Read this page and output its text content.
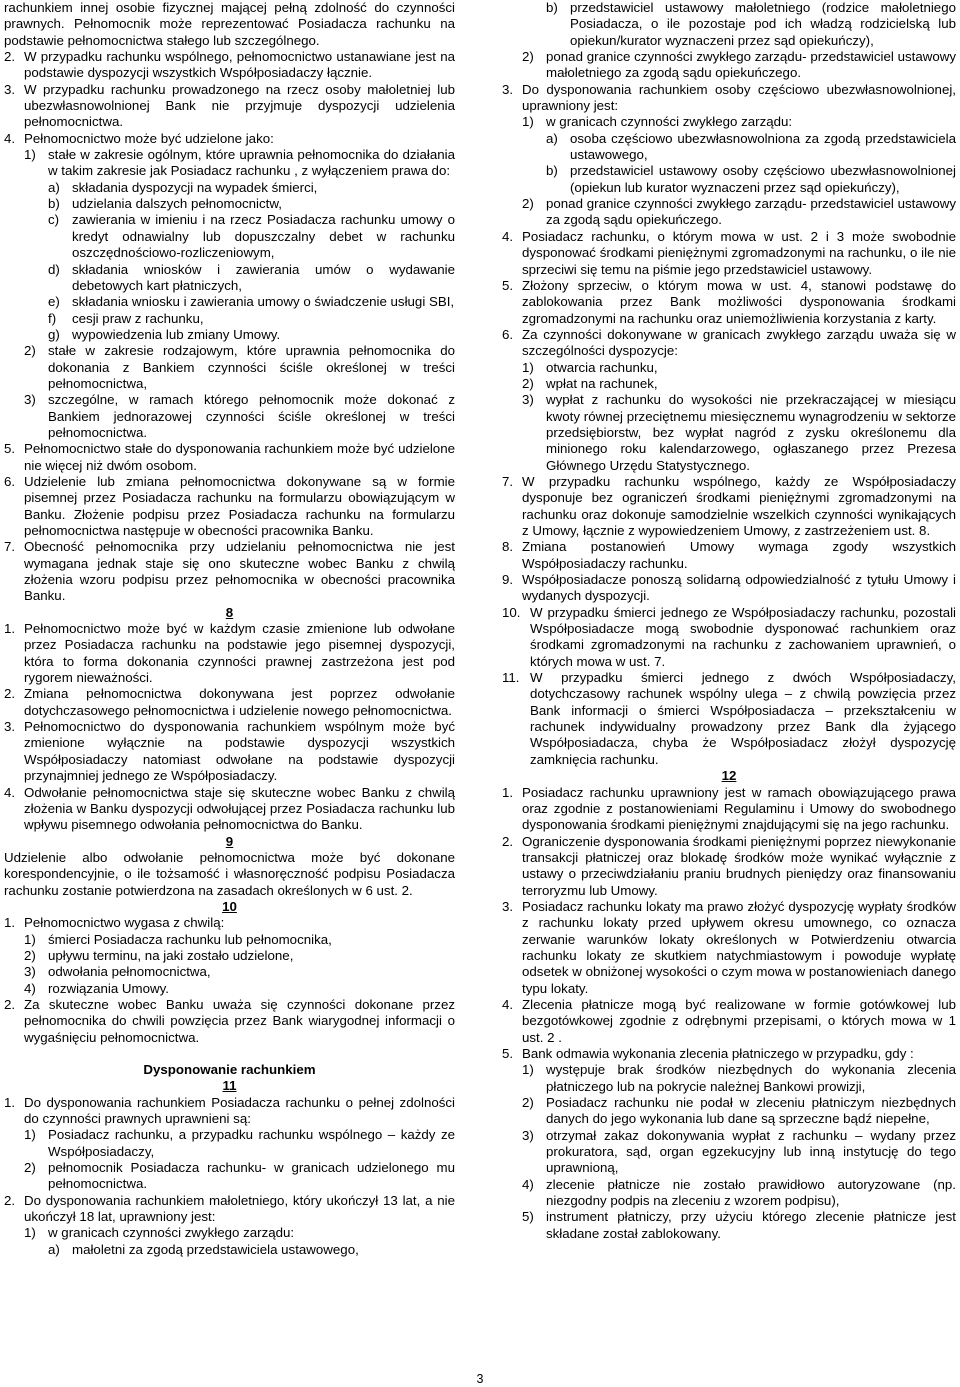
rachunkiem innej osobie fizycznej mającej pełną zdolność do czynności prawnych. Pełnomocnik może reprezentować Posiadacza rachunku na podstawie pełnomocnictwa stałego lub szczególnego.

2. W przypadku rachunku wspólnego, pełnomocnictwo ustanawiane jest na podstawie dyspozycji wszystkich Współposiadaczy łącznie.
3. W przypadku rachunku prowadzonego na rzecz osoby małoletniej lub ubezwłasnowolnionej Bank nie przyjmuje dyspozycji udzielenia pełnomocnictwa.
4. Pełnomocnictwo może być udzielone jako:
1) stałe w zakresie ogólnym, które uprawnia pełnomocnika do działania w takim zakresie jak Posiadacz rachunku , z wyłączeniem prawa do:
a) składania dyspozycji na wypadek śmierci,
b) udzielania dalszych pełnomocnictw,
c) zawierania w imieniu i na rzecz Posiadacza rachunku umowy o kredyt odnawialny lub dopuszczalny debet w rachunku oszczędnościowo-rozliczeniowym,
d) składania wniosków i zawierania umów o wydawanie debetowych kart płatniczych,
e) składania wniosku i zawierania umowy o świadczenie usługi SBI,
f)	cesji praw z rachunku,
g) wypowiedzenia lub zmiany Umowy.
2) stałe w zakresie rodzajowym, które uprawnia pełnomocnika do dokonania z Bankiem czynności ściśle określonej w treści pełnomocnictwa,
3) szczególne, w ramach którego pełnomocnik może dokonać z Bankiem jednorazowej czynności ściśle określonej w treści pełnomocnictwa.
5. Pełnomocnictwo stałe do dysponowania rachunkiem może być udzielone nie więcej niż dwóm osobom.
6. Udzielenie lub zmiana pełnomocnictwa dokonywane są w formie pisemnej przez Posiadacza rachunku na formularzu obowiązującym w Banku. Złożenie podpisu przez Posiadacza rachunku na formularzu pełnomocnictwa następuje w obecności pracownika Banku.
7. Obecność pełnomocnika przy udzielaniu pełnomocnictwa nie jest wymagana jednak staje się ono skuteczne wobec Banku z chwilą złożenia wzoru podpisu przez pełnomocnika w obecności pracownika Banku.

8

1. Pełnomocnictwo może być w każdym czasie zmienione lub odwołane przez Posiadacza rachunku na podstawie jego pisemnej dyspozycji, która to forma dokonania czynności prawnej zastrzeżona jest pod rygorem nieważności.
2. Zmiana pełnomocnictwa dokonywana jest poprzez odwołanie dotychczasowego pełnomocnictwa i udzielenie nowego pełnomocnictwa.
3. Pełnomocnictwo do dysponowania rachunkiem wspólnym może być zmienione wyłącznie na podstawie dyspozycji wszystkich Współposiadaczy natomiast odwołane na podstawie dyspozycji przynajmniej jednego ze Współposiadaczy.
4. Odwołanie pełnomocnictwa staje się skuteczne wobec Banku z chwilą złożenia w Banku dyspozycji odwołującej przez Posiadacza rachunku lub wpływu pisemnego odwołania pełnomocnictwa do Banku.

9

Udzielenie albo odwołanie pełnomocnictwa może być dokonane korespondencyjnie, o ile tożsamość i własnoręczność podpisu Posiadacza rachunku zostanie potwierdzona na zasadach określonych w 6 ust. 2.

10

1. Pełnomocnictwo wygasa z chwilą:
1) śmierci Posiadacza rachunku lub pełnomocnika,
2) upływu terminu, na jaki zostało udzielone,
3) odwołania pełnomocnictwa,
4) rozwiązania Umowy.
2. Za skuteczne wobec Banku uważa się czynności dokonane przez pełnomocnika do chwili powzięcia przez Bank wiarygodnej informacji o wygaśnięciu pełnomocnictwa.

Dysponowanie rachunkiem

11

1. Do dysponowania rachunkiem Posiadacza rachunku o pełnej zdolności do czynności prawnych uprawnieni są:
1) Posiadacz rachunku, a przypadku rachunku wspólnego – każdy ze Współposiadaczy,
2) pełnomocnik Posiadacza rachunku- w granicach udzielonego mu pełnomocnictwa.
2. Do dysponowania rachunkiem małoletniego, który ukończył 13 lat, a nie ukończył 18 lat, uprawniony jest:
1) w granicach czynności zwykłego zarządu:
a) małoletni za zgodą przedstawiciela ustawowego,
b) przedstawiciel ustawowy małoletniego (rodzice małoletniego Posiadacza, o ile pozostaje pod ich władzą rodzicielską lub opiekun/kurator wyznaczeni przez sąd opiekuńczy),
2) ponad granice czynności zwykłego zarządu- przedstawiciel ustawowy małoletniego za zgodą sądu opiekuńczego.
3. Do dysponowania rachunkiem osoby częściowo ubezwłasnowolnionej, uprawniony jest:
1) w granicach czynności zwykłego zarządu:
a) osoba częściowo ubezwłasnowolniona za zgodą przedstawiciela ustawowego,
b) przedstawiciel ustawowy osoby częściowo ubezwłasnowolnionej (opiekun lub kurator wyznaczeni przez sąd opiekuńczy),
2) ponad granice czynności zwykłego zarządu- przedstawiciel ustawowy za zgodą sądu opiekuńczego.
4. Posiadacz rachunku, o którym mowa w ust. 2 i 3 może swobodnie dysponować środkami pieniężnymi zgromadzonymi na rachunku, o ile nie sprzeciwi się temu na piśmie jego przedstawiciel ustawowy.
5. Złożony sprzeciw, o którym mowa w ust. 4, stanowi podstawę do zablokowania przez Bank możliwości dysponowania środkami zgromadzonymi na rachunku oraz uniemożliwienia korzystania z karty.
6. Za czynności dokonywane w granicach zwykłego zarządu uważa się w szczególności dyspozycje:
1) otwarcia rachunku,
2) wpłat na rachunek,
3) wypłat z rachunku do wysokości nie przekraczającej w miesiącu kwoty równej przeciętnemu miesięcznemu wynagrodzeniu w sektorze przedsiębiorstw, bez wypłat nagród z zysku określonemu dla minionego roku kalendarzowego, ogłaszanego przez Prezesa Głównego Urzędu Statystycznego.
7. W przypadku rachunku wspólnego, każdy ze Współposiadaczy dysponuje bez ograniczeń środkami pieniężnymi zgromadzonymi na rachunku oraz dokonuje samodzielnie wszelkich czynności wynikających z Umowy, łącznie z wypowiedzeniem Umowy, z zastrzeżeniem ust. 8.
8. Zmiana postanowień Umowy wymaga zgody wszystkich Współposiadaczy rachunku.
9. Współposiadacze ponoszą solidarną odpowiedzialność z tytułu Umowy i wydanych dyspozycji.
10. W przypadku śmierci jednego ze Współposiadaczy rachunku, pozostali Współposiadacze mogą swobodnie dysponować rachunkiem oraz środkami zgromadzonymi na rachunku z zachowaniem uprawnień, o których mowa w ust. 7.
11. W przypadku śmierci jednego z dwóch Współposiadaczy, dotychczasowy rachunek wspólny ulega – z chwilą powzięcia przez Bank informacji o śmierci Współposiadacza – przekształceniu w rachunek indywidualny prowadzony przez Bank dla żyjącego Współposiadacza, chyba że Współposiadacz złożył dyspozycję zamknięcia rachunku.

12

1. Posiadacz rachunku uprawniony jest w ramach obowiązującego prawa oraz zgodnie z postanowieniami Regulaminu i Umowy do swobodnego dysponowania środkami pieniężnymi znajdującymi się na jego rachunku.
2. Ograniczenie dysponowania środkami pieniężnymi poprzez niewykonanie transakcji płatniczej oraz blokadę środków może wynikać wyłącznie z ustawy o przeciwdziałaniu praniu brudnych pieniędzy oraz finansowaniu terroryzmu lub Umowy.
3. Posiadacz rachunku lokaty ma prawo złożyć dyspozycję wypłaty środków z rachunku lokaty przed upływem okresu umownego, co oznacza zerwanie warunków lokaty określonych w Potwierdzeniu otwarcia rachunku lokaty ze skutkiem natychmiastowym i powoduje wypłatę odsetek w obniżonej wysokości o czym mowa w postanowieniach danego typu lokaty.
4. Zlecenia płatnicze mogą być realizowane w formie gotówkowej lub bezgotówkowej zgodnie z odrębnymi przepisami, o których mowa w 1 ust. 2 .
5. Bank odmawia wykonania zlecenia płatniczego w przypadku, gdy :
1) występuje brak środków niezbędnych do wykonania zlecenia płatniczego lub na pokrycie należnej Bankowi prowizji,
2) Posiadacz rachunku nie podał w zleceniu płatniczym niezbędnych danych do jego wykonania lub dane są sprzeczne bądź niepełne,
3) otrzymał zakaz dokonywania wypłat z rachunku – wydany przez prokuratora, sąd, organ egzekucyjny lub inną instytucję do tego uprawnioną,
4) zlecenie płatnicze nie zostało prawidłowo autoryzowane (np. niezgodny podpis na zleceniu z wzorem podpisu),
5) instrument płatniczy, przy użyciu którego zlecenie płatnicze jest składane został zablokowany.
3
